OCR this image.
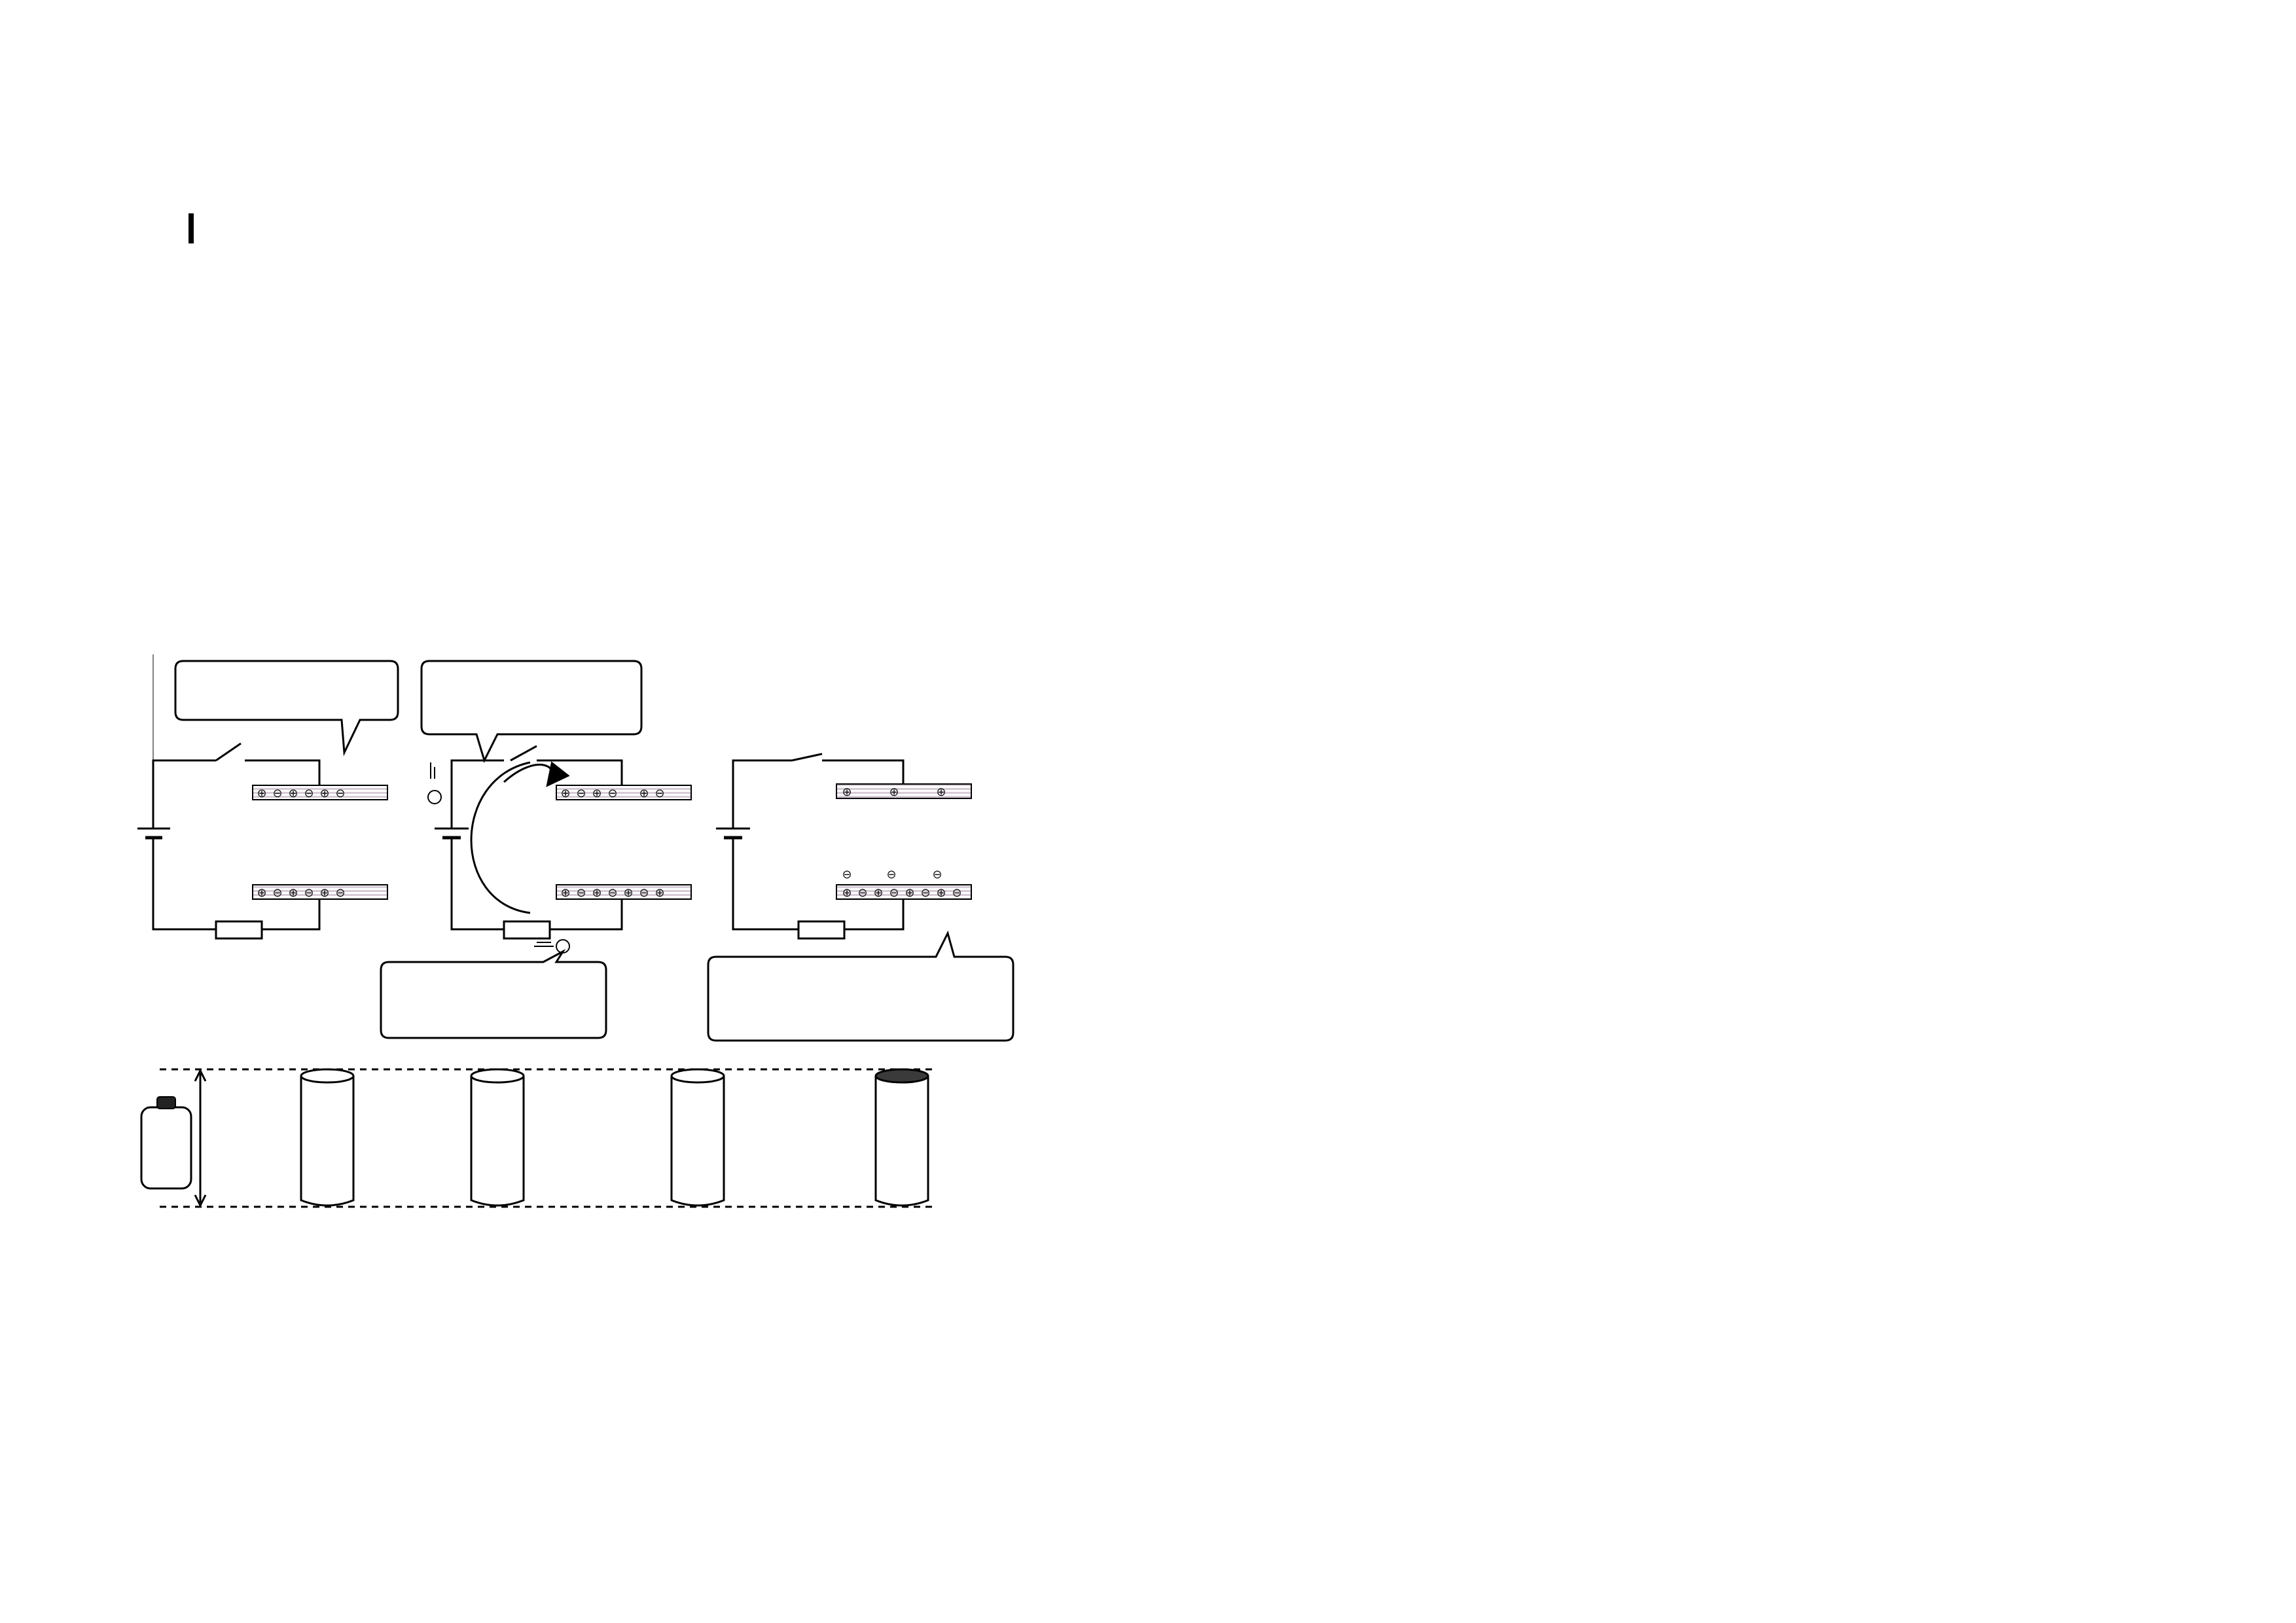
⊕ ⊖ ⊕ ⊖ ⊕ ⊖
⊕ ⊖ ⊕ ⊖ ⊕ ⊖
⊕ ⊖ ⊕ ⊖ ⊕ ⊖
⊕ ⊖ ⊕ ⊖ ⊕ ⊖ ⊕
⊕	⊕	⊕
⊕ ⊖ ⊕ ⊖ ⊕ ⊖ ⊕ ⊖
⊖	⊖	⊖
